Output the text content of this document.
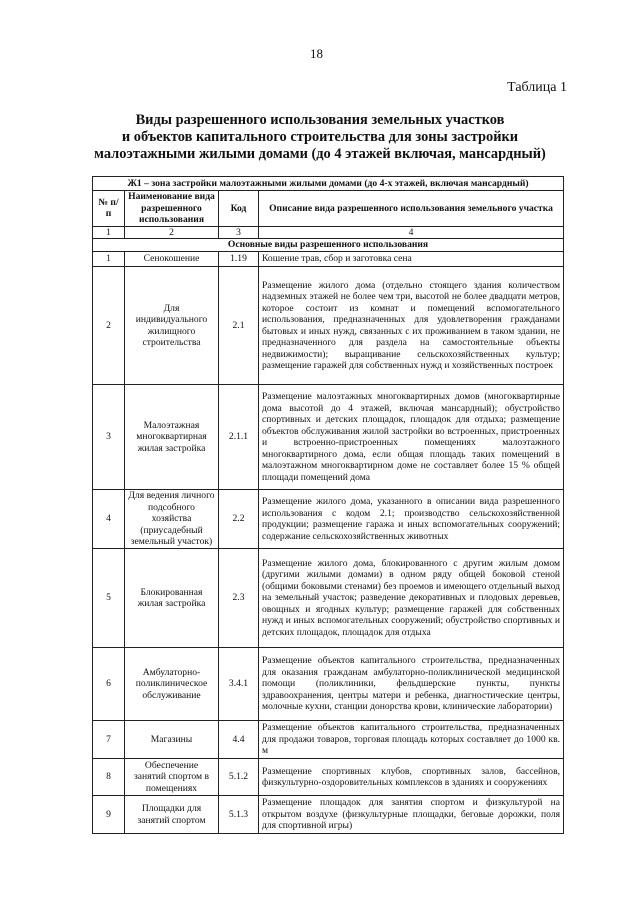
18
Таблица 1
Виды разрешенного использования земельных участков
и объектов капитального строительства для зоны застройки
малоэтажными жилыми домами (до 4 этажей включая, мансардный)
Ж1 – зона застройки малоэтажными жилыми домами (до 4-х этажей, включая мансардный)			
№ п/п	Наименование вида разрешенного использования	Код	Описание вида разрешенного использования земельного участка
1	2	3	4
Основные виды разрешенного использования			
1	Сенокошение	1.19	Кошение трав, сбор и заготовка сена
2	Для индивидуального жилищного строительства	2.1	Размещение жилого дома (отдельно стоящего здания количеством надземных этажей не более чем три, высотой не более двадцати метров, которое состоит из комнат и помещений вспомогательного использования, предназначенных для удовлетворения гражданами бытовых и иных нужд, связанных с их проживанием в таком здании, не предназначенного для раздела на самостоятельные объекты недвижимости); выращивание сельскохозяйственных культур; размещение гаражей для собственных нужд и хозяйственных построек
3	Малоэтажная многоквартирная жилая застройка	2.1.1	Размещение малоэтажных многоквартирных домов (многоквартирные дома высотой до 4 этажей, включая мансардный); обустройство спортивных и детских площадок, площадок для отдыха; размещение объектов обслуживания жилой застройки во встроенных, пристроенных и встроенно-пристроенных помещениях малоэтажного многоквартирного дома, если общая площадь таких помещений в малоэтажном многоквартирном доме не составляет более 15 % общей площади помещений дома
4	Для ведения личного подсобного хозяйства (приусадебный земельный участок)	2.2	Размещение жилого дома, указанного в описании вида разрешенного использования с кодом 2.1; производство сельскохозяйственной продукции; размещение гаража и иных вспомогательных сооружений; содержание сельскохозяйственных животных
5	Блокированная жилая застройка	2.3	Размещение жилого дома, блокированного с другим жилым домом (другими жилыми домами) в одном ряду общей боковой стеной (общими боковыми стенами) без проемов и имеющего отдельный выход на земельный участок; разведение декоративных и плодовых деревьев, овощных и ягодных культур; размещение гаражей для собственных нужд и иных вспомогательных сооружений; обустройство спортивных и детских площадок, площадок для отдыха
6	Амбулаторно-поликлиническое обслуживание	3.4.1	Размещение объектов капитального строительства, предназначенных для оказания гражданам амбулаторно-поликлинической медицинской помощи (поликлиники, фельдшерские пункты, пункты здравоохранения, центры матери и ребенка, диагностические центры, молочные кухни, станции донорства крови, клинические лаборатории)
7	Магазины	4.4	Размещение объектов капитального строительства, предназначенных для продажи товаров, торговая площадь которых составляет до 1000 кв. м
8	Обеспечение занятий спортом в помещениях	5.1.2	Размещение спортивных клубов, спортивных залов, бассейнов, физкультурно-оздоровительных комплексов в зданиях и сооружениях
9	Площадки для занятий спортом	5.1.3	Размещение площадок для занятия спортом и физкультурой на открытом воздухе (физкультурные площадки, беговые дорожки, поля для спортивной игры)
